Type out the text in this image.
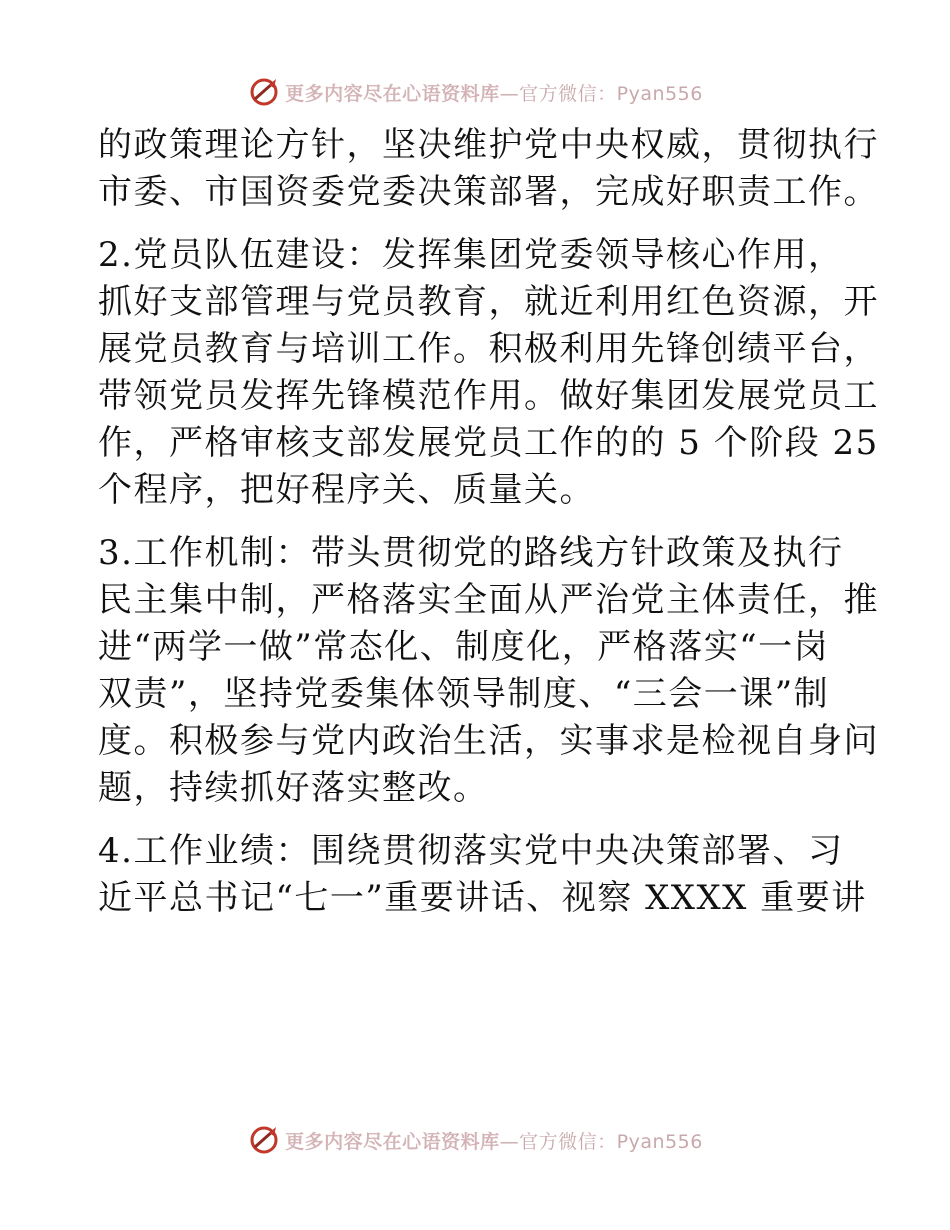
更多内容尽在心语资料库—官方微信：Pyan556

的政策理论方针，坚决维护党中央权威，贯彻执行
市委、市国资委党委决策部署，完成好职责工作。

2.党员队伍建设：发挥集团党委领导核心作用，
抓好支部管理与党员教育，就近利用红色资源，开
展党员教育与培训工作。积极利用先锋创绩平台，
带领党员发挥先锋模范作用。做好集团发展党员工
作，严格审核支部发展党员工作的的 5 个阶段 25
个程序，把好程序关、质量关。

3.工作机制：带头贯彻党的路线方针政策及执行
民主集中制，严格落实全面从严治党主体责任，推
进“两学一做”常态化、制度化，严格落实“一岗
双责”，坚持党委集体领导制度、“三会一课”制
度。积极参与党内政治生活，实事求是检视自身问
题，持续抓好落实整改。

4.工作业绩：围绕贯彻落实党中央决策部署、习
近平总书记“七一”重要讲话、视察 XXXX 重要讲

更多内容尽在心语资料库—官方微信：Pyan556
